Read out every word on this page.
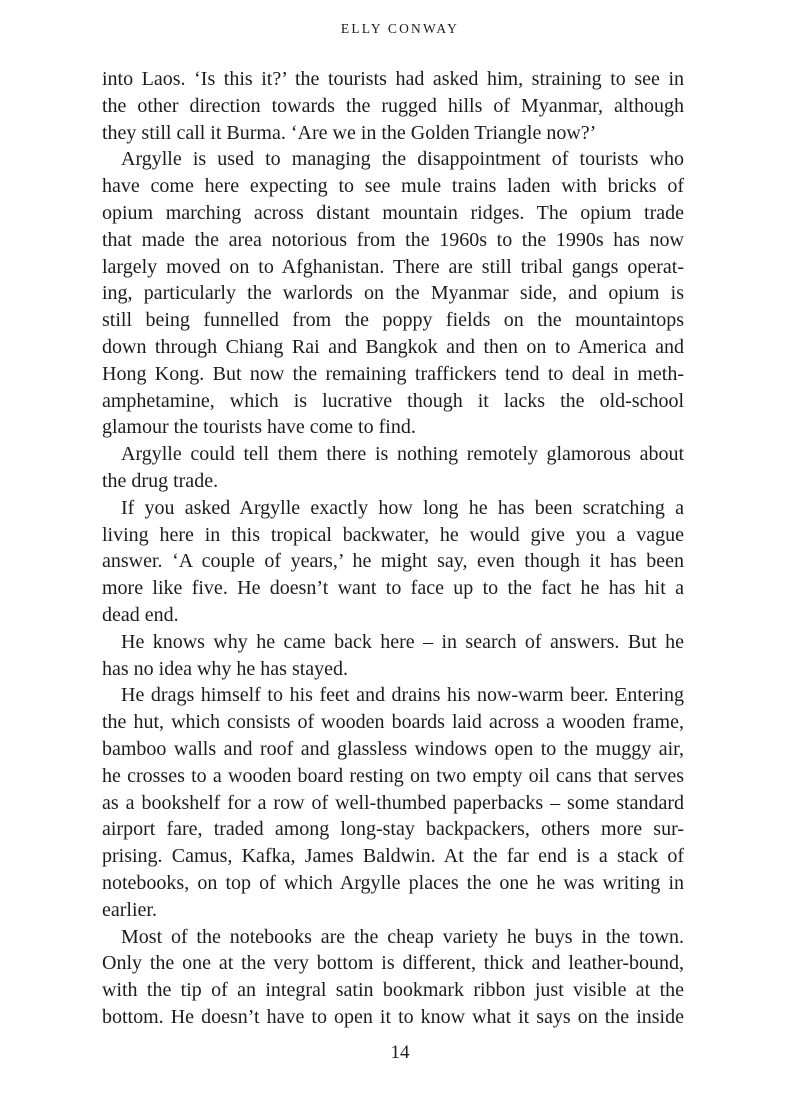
ELLY CONWAY
into Laos. ‘Is this it?’ the tourists had asked him, straining to see in
the other direction towards the rugged hills of Myanmar, although
they still call it Burma. ‘Are we in the Golden Triangle now?’
Argylle is used to managing the disappointment of tourists who
have come here expecting to see mule trains laden with bricks of
opium marching across distant mountain ridges. The opium trade
that made the area notorious from the 1960s to the 1990s has now
largely moved on to Afghanistan. There are still tribal gangs operat-
ing, particularly the warlords on the Myanmar side, and opium is
still being funnelled from the poppy fields on the mountaintops
down through Chiang Rai and Bangkok and then on to America and
Hong Kong. But now the remaining traffickers tend to deal in meth-
amphetamine, which is lucrative though it lacks the old-school
glamour the tourists have come to find.
Argylle could tell them there is nothing remotely glamorous about
the drug trade.
If you asked Argylle exactly how long he has been scratching a
living here in this tropical backwater, he would give you a vague
answer. ‘A couple of years,’ he might say, even though it has been
more like five. He doesn’t want to face up to the fact he has hit a
dead end.
He knows why he came back here – in search of answers. But he
has no idea why he has stayed.
He drags himself to his feet and drains his now-warm beer. Entering
the hut, which consists of wooden boards laid across a wooden frame,
bamboo walls and roof and glassless windows open to the muggy air,
he crosses to a wooden board resting on two empty oil cans that serves
as a bookshelf for a row of well-thumbed paperbacks – some standard
airport fare, traded among long-stay backpackers, others more sur-
prising. Camus, Kafka, James Baldwin. At the far end is a stack of
notebooks, on top of which Argylle places the one he was writing in
earlier.
Most of the notebooks are the cheap variety he buys in the town.
Only the one at the very bottom is different, thick and leather-bound,
with the tip of an integral satin bookmark ribbon just visible at the
bottom. He doesn’t have to open it to know what it says on the inside
14
